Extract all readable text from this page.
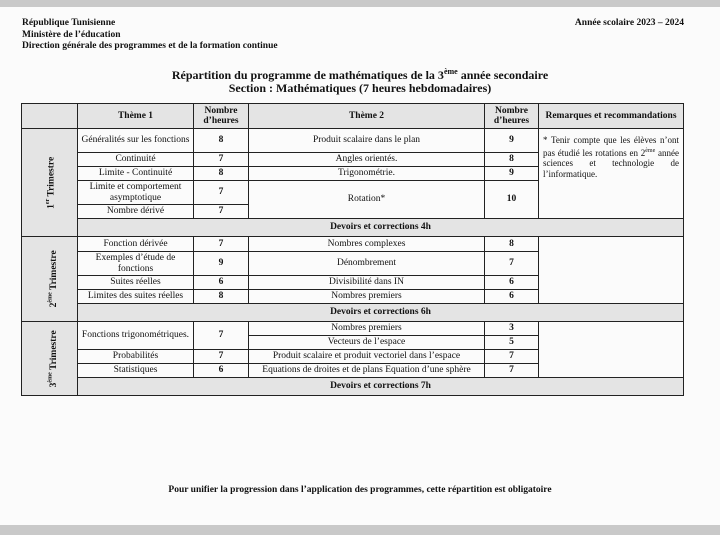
République Tunisienne
Ministère de l’éducation
Direction générale des programmes et de la formation continue
Année scolaire 2023 – 2024
Répartition du programme de mathématiques de la 3ème année secondaire
Section : Mathématiques (7 heures hebdomadaires)
	Thème 1	Nombre d’heures	Thème 2	Nombre d’heures	Remarques et recommandations
1er Trimestre	Généralités sur les fonctions	8	Produit scalaire dans le plan	9	* Tenir compte que les élèves n’ont pas étudié les rotations en 2ème année sciences et technologie de l’informatique.
	Continuité	7	Angles orientés.	8	
	Limite - Continuité	8	Trigonométrie.	9	
	Limite et comportement asymptotique	7	Rotation*	10	
	Nombre dérivé	7			
	Devoirs et corrections 4h				
2ème Trimestre	Fonction dérivée	7	Nombres complexes	8	
	Exemples d’étude de fonctions	9	Dénombrement	7	
	Suites réelles	6	Divisibilité dans IN	6	
	Limites des suites réelles	8	Nombres premiers	6	
	Devoirs et corrections 6h				
3ème Trimestre	Fonctions trigonométriques.	7	Nombres premiers	3	
			Vecteurs de l’espace	5	
	Probabilités	7	Produit scalaire et produit vectoriel dans l’espace	7	
	Statistiques	6	Equations de droites et de plans Equation d’une sphère	7	
	Devoirs et corrections 7h				
Pour unifier la progression dans l’application des programmes, cette répartition est obligatoire
